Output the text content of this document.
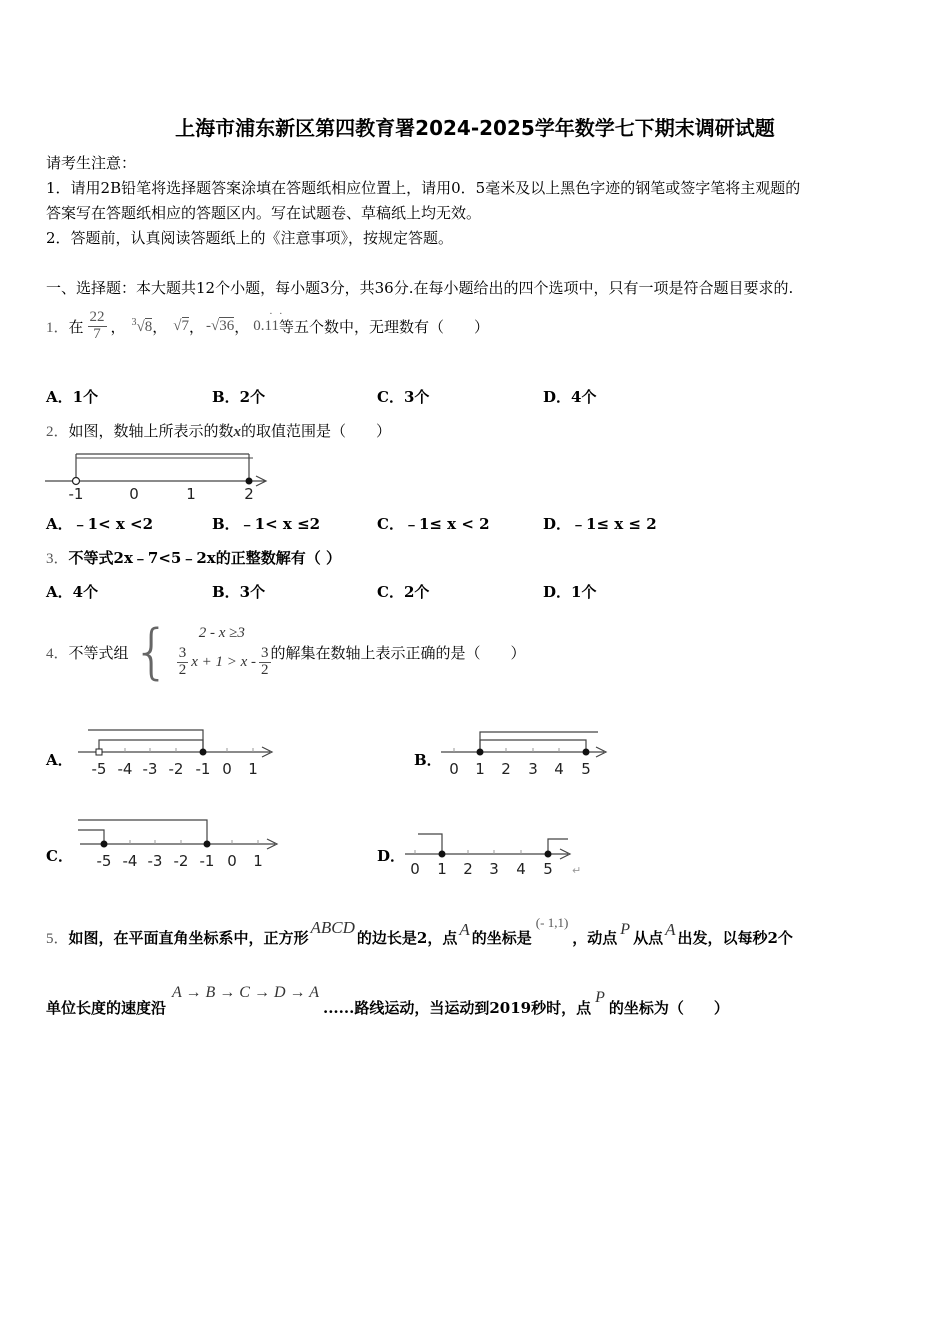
上海市浦东新区第四教育署2024-2025学年数学七下期末调研试题
请考生注意：
1．请用2B铅笔将选择题答案涂填在答题纸相应位置上，请用0．5毫米及以上黑色字迹的钢笔或签字笔将主观题的
答案写在答题纸相应的答题区内。写在试题卷、草稿纸上均无效。
2．答题前，认真阅读答题纸上的《注意事项》，按规定答题。
一、选择题：本大题共12个小题，每小题3分，共36分.在每小题给出的四个选项中，只有一项是符合题目要求的.
1． 在 $\frac{22}{7}$ ， $^3$√8 ， √7 ， -√36 ，
· ·
0.11 等五个数中，无理数有（　　）
A．1个	B．2个	C．3个	D．4个
2．如图，数轴上所表示的数x的取值范围是（　　）
-1	0	1	2
A．﹣1< x <2	B．﹣1< x ≤2	C．﹣1≤ x < 2	D．﹣1≤ x ≤ 2
3．不等式2x﹣7<5﹣2x的正整数解有（ ）
A．4个	B．3个	C．2个	D．1个
4． 不等式组 {	2 - x ≥3
$\frac{3}{2}$ $x + 1 > x - \frac{3}{2}$ 的解集在数轴上表示正确的是（　　）
A． -5 -4 -3 -2 -1 0 1	B． 0 1 2 3 4 5
C． -5 -4 -3 -2 -1 0 1	D．
0 1 2 3 4 5 ↵
5． 如图，在平面直角坐标系中，正方形
ABCD
的边长是2，点 A 的坐标是
(- 1,1)
，动点 P 从点 A 出发，以每秒2个
单位长度的速度沿
A → B → C → D → A
......路线运动，当运动到2019秒时，点
P
的坐标为（　　）
